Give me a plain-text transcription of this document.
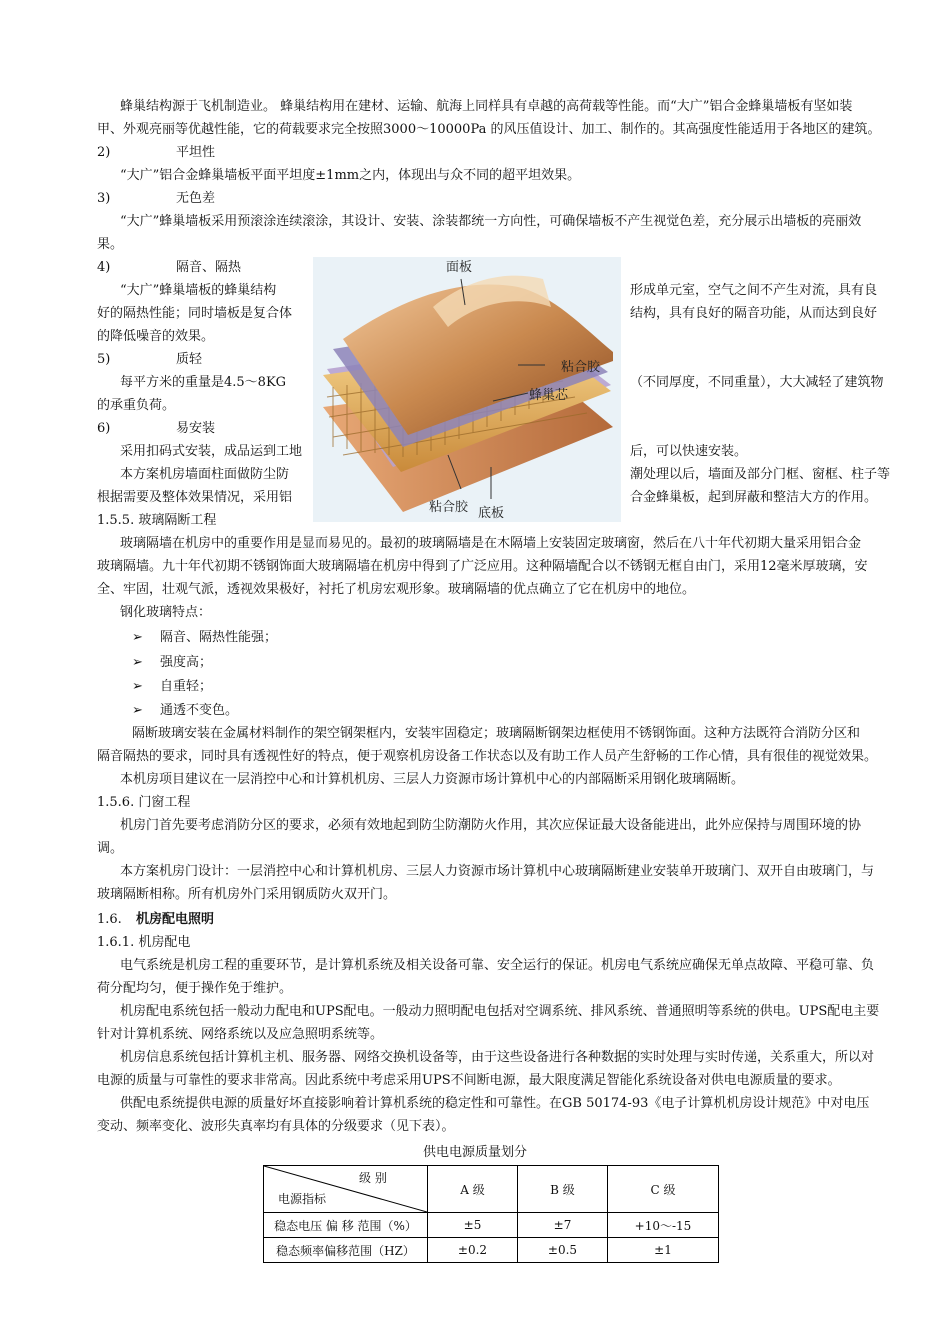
蜂巢结构源于飞机制造业。 蜂巢结构用在建材、运输、航海上同样具有卓越的高荷载等性能。而“大广”铝合金蜂巢墙板有坚如装
甲、外观亮丽等优越性能，它的荷载要求完全按照3000～10000Pa 的风压值设计、加工、制作的。其高强度性能适用于各地区的建筑。
2)	平坦性
“大广”铝合金蜂巢墙板平面平坦度±1mm之内，体现出与众不同的超平坦效果。
3)	无色差
“大广”蜂巢墙板采用预滚涂连续滚涂，其设计、安装、涂装都统一方向性，可确保墙板不产生视觉色差，充分展示出墙板的亮丽效
果。
4)	隔音、隔热
“大广”蜂巢墙板的蜂巢结构	形成单元室，空气之间不产生对流，具有良
好的隔热性能；同时墙板是复合体	结构，具有良好的隔音功能，从而达到良好
的降低噪音的效果。
5)	质轻
每平方米的重量是4.5～8KG	（不同厚度，不同重量），大大减轻了建筑物
的承重负荷。
6)	易安装
采用扣码式安装，成品运到工地	后，可以快速安装。
本方案机房墙面柱面做防尘防	潮处理以后，墙面及部分门框、窗框、柱子等
根据需要及整体效果情况，采用铝	合金蜂巢板，起到屏蔽和整洁大方的作用。
面板
粘合胶
蜂巢芯
粘合胶 底板
1.5.5. 玻璃隔断工程
玻璃隔墙在机房中的重要作用是显而易见的。最初的玻璃隔墙是在木隔墙上安装固定玻璃窗，然后在八十年代初期大量采用铝合金
玻璃隔墙。九十年代初期不锈钢饰面大玻璃隔墙在机房中得到了广泛应用。这种隔墙配合以不锈钢无框自由门，采用12毫米厚玻璃，安
全、牢固，壮观气派，透视效果极好，衬托了机房宏观形象。玻璃隔墙的优点确立了它在机房中的地位。
钢化玻璃特点：
➢ 隔音、隔热性能强；
➢ 强度高；
➢ 自重轻；
➢ 通透不变色。
隔断玻璃安装在金属材料制作的架空钢架框内，安装牢固稳定；玻璃隔断钢架边框使用不锈钢饰面。这种方法既符合消防分区和
隔音隔热的要求，同时具有透视性好的特点，便于观察机房设备工作状态以及有助工作人员产生舒畅的工作心情，具有很佳的视觉效果。
本机房项目建议在一层消控中心和计算机机房、三层人力资源市场计算机中心的内部隔断采用钢化玻璃隔断。
1.5.6. 门窗工程
机房门首先要考虑消防分区的要求，必须有效地起到防尘防潮防火作用，其次应保证最大设备能进出，此外应保持与周围环境的协
调。
本方案机房门设计：一层消控中心和计算机机房、三层人力资源市场计算机中心玻璃隔断建业安装单开玻璃门、双开自由玻璃门，与
玻璃隔断相称。所有机房外门采用钢质防火双开门。
1.6. 机房配电照明
1.6.1. 机房配电
电气系统是机房工程的重要环节，是计算机系统及相关设备可靠、安全运行的保证。机房电气系统应确保无单点故障、平稳可靠、负
荷分配均匀，便于操作免于维护。
机房配电系统包括一般动力配电和UPS配电。一般动力照明配电包括对空调系统、排风系统、普通照明等系统的供电。UPS配电主要
针对计算机系统、网络系统以及应急照明系统等。
机房信息系统包括计算机主机、服务器、网络交换机设备等，由于这些设备进行各种数据的实时处理与实时传递，关系重大，所以对
电源的质量与可靠性的要求非常高。因此系统中考虑采用UPS不间断电源，最大限度满足智能化系统设备对供电电源质量的要求。
供配电系统提供电源的质量好坏直接影响着计算机系统的稳定性和可靠性。在GB 50174-93《电子计算机机房设计规范》中对电压
变动、频率变化、波形失真率均有具体的分级要求（见下表）。
供电电源质量划分
级 别
电源指标	A 级	B 级	C 级
稳态电压 偏 移 范围（%）	±5	±7	+10～-15
稳态频率偏移范围（HZ）	±0.2	±0.5	±1
